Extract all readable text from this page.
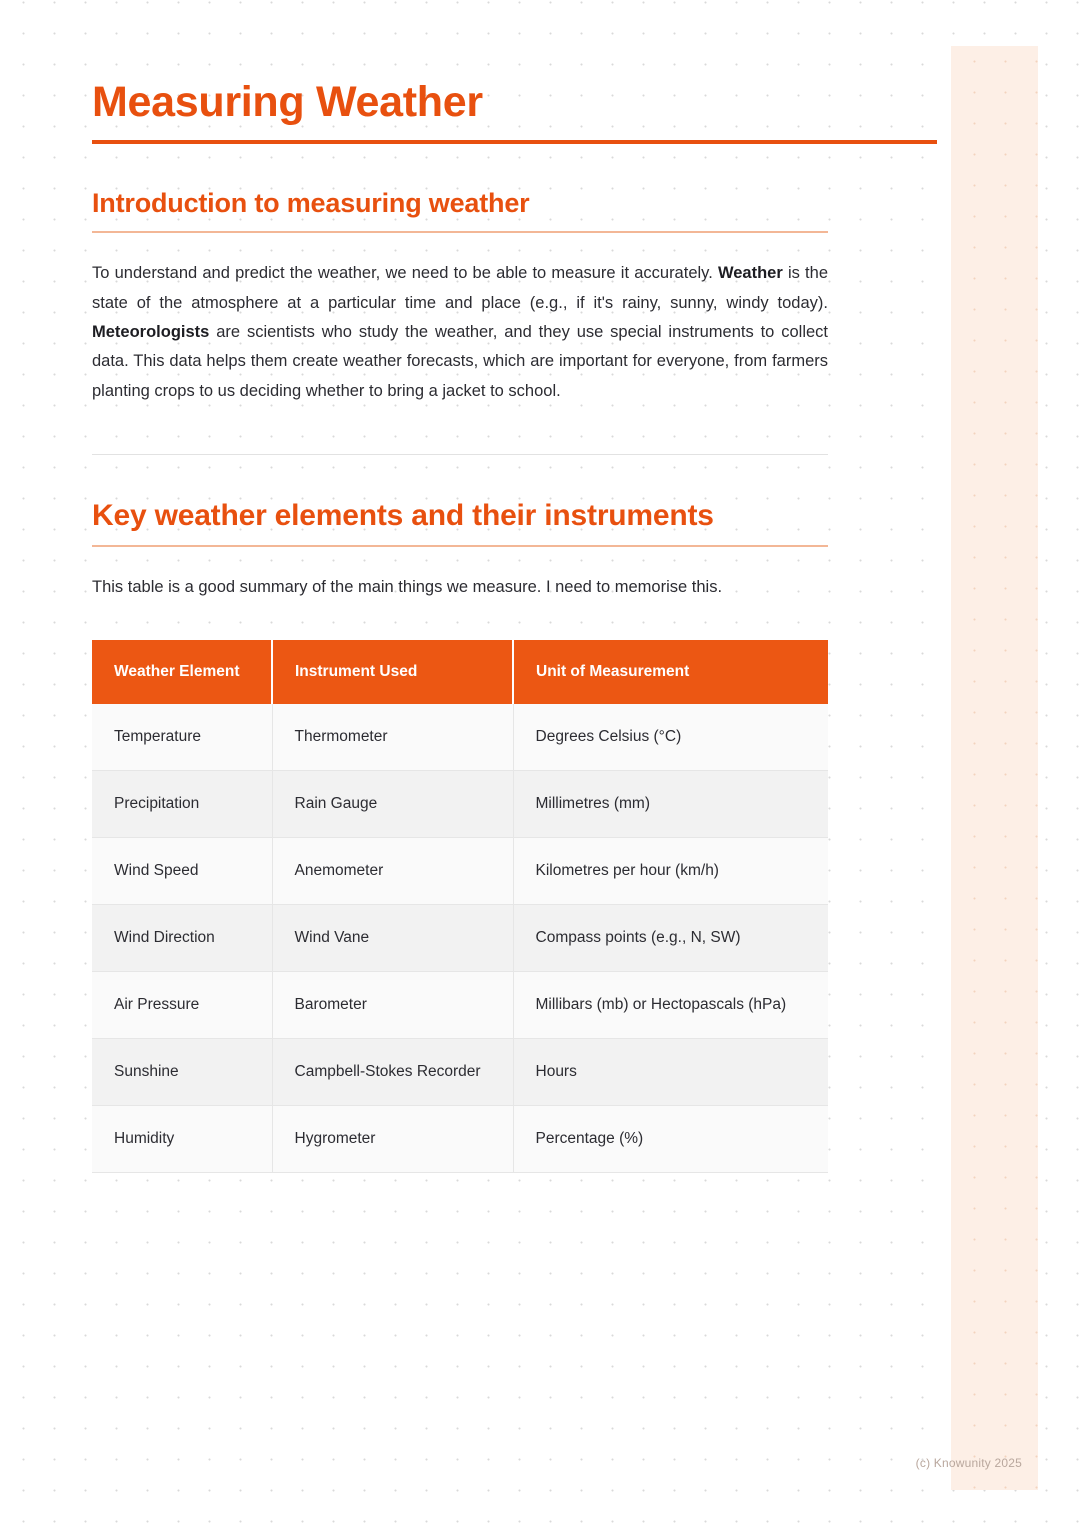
Measuring Weather
Introduction to measuring weather

To understand and predict the weather, we need to be able to measure it accurately. Weather is the state of the atmosphere at a particular time and place (e.g., if it's rainy, sunny, windy today). Meteorologists are scientists who study the weather, and they use special instruments to collect data. This data helps them create weather forecasts, which are important for everyone, from farmers planting crops to us deciding whether to bring a jacket to school.

Key weather elements and their instruments

This table is a good summary of the main things we measure. I need to memorise this.

Weather Element	Instrument Used	Unit of Measurement
Temperature	Thermometer	Degrees Celsius (°C)
Precipitation	Rain Gauge	Millimetres (mm)
Wind Speed	Anemometer	Kilometres per hour (km/h)
Wind Direction	Wind Vane	Compass points (e.g., N, SW)
Air Pressure	Barometer	Millibars (mb) or Hectopascals (hPa)
Sunshine	Campbell-Stokes Recorder	Hours
Humidity	Hygrometer	Percentage (%)
(c) Knowunity 2025
